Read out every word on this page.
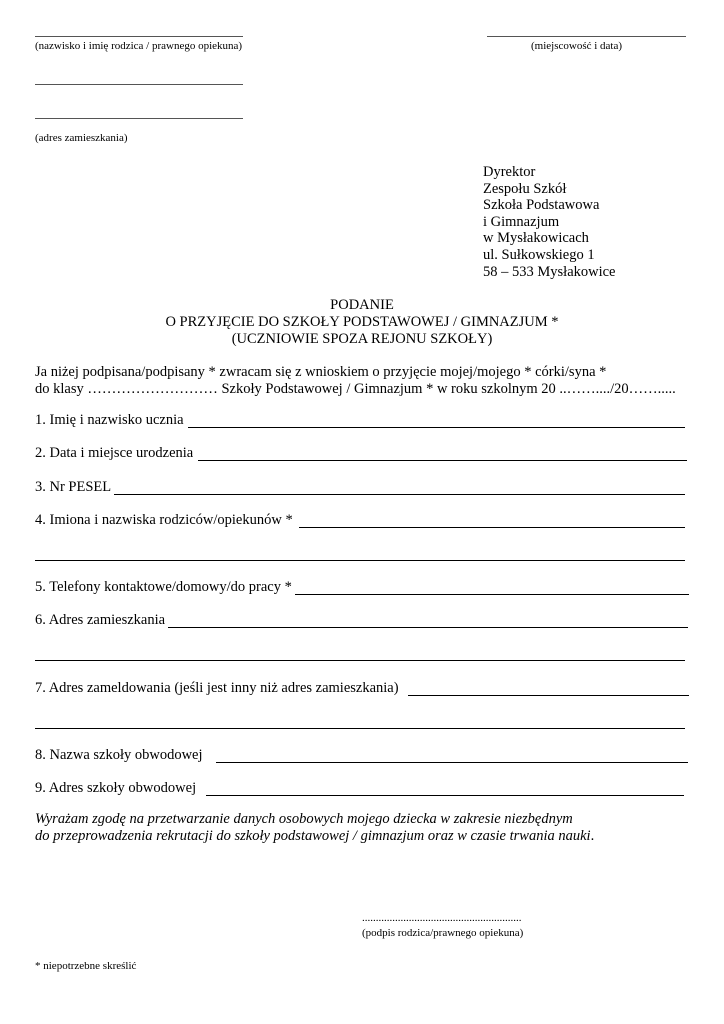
(nazwisko i imię rodzica / prawnego opiekuna)	(miejscowość i data)
(adres zamieszkania)
Dyrektor
Zespołu Szkół
Szkoła Podstawowa
i Gimnazjum
w Mysłakowicach
ul. Sułkowskiego 1
58 – 533 Mysłakowice
PODANIE
O PRZYJĘCIE DO SZKOŁY PODSTAWOWEJ / GIMNAZJUM *
(UCZNIOWIE SPOZA REJONU SZKOŁY)
Ja niżej podpisana/podpisany * zwracam się z wnioskiem o przyjęcie mojej/mojego * córki/syna *
do klasy ……………………… Szkoły Podstawowej / Gimnazjum * w roku szkolnym 20 ..……..../20…….....
1. Imię i nazwisko ucznia
2. Data i miejsce urodzenia
3. Nr PESEL
4. Imiona i nazwiska rodziców/opiekunów *
5. Telefony kontaktowe/domowy/do pracy *
6. Adres zamieszkania
7. Adres zameldowania (jeśli jest inny niż adres zamieszkania)
8. Nazwa szkoły obwodowej
9. Adres szkoły obwodowej
Wyrażam zgodę na przetwarzanie danych osobowych mojego dziecka w zakresie niezbędnym
do przeprowadzenia rekrutacji do szkoły podstawowej / gimnazjum oraz w czasie trwania nauki.
..........................................................
(podpis rodzica/prawnego opiekuna)
* niepotrzebne skreślić
